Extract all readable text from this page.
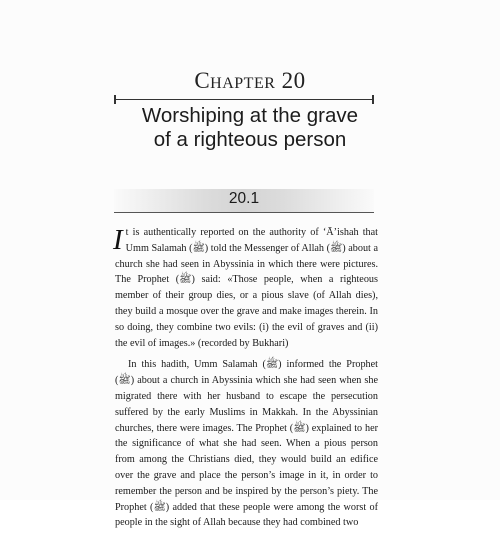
Chapter 20
Worshiping at the grave
of a righteous person
20.1

It is authentically reported on the authority of ‘Ā’ishah that Umm Salamah (ﷺ) told the Messenger of Allah (ﷺ) about a church she had seen in Abyssinia in which there were pictures. The Prophet (ﷺ) said: «Those people, when a righteous member of their group dies, or a pious slave (of Allah dies), they build a mosque over the grave and make images therein. In so doing, they combine two evils: (i) the evil of graves and (ii) the evil of images.» (recorded by Bukhari)

In this hadith, Umm Salamah (ﷺ) informed the Prophet (ﷺ) about a church in Abyssinia which she had seen when she migrated there with her husband to escape the persecution suffered by the early Muslims in Makkah. In the Abyssinian churches, there were images. The Prophet (ﷺ) explained to her the significance of what she had seen. When a pious person from among the Christians died, they would build an edifice over the grave and place the person’s image in it, in order to remember the person and be inspired by the person’s piety. The Prophet (ﷺ) added that these people were among the worst of people in the sight of Allah because they had combined two
